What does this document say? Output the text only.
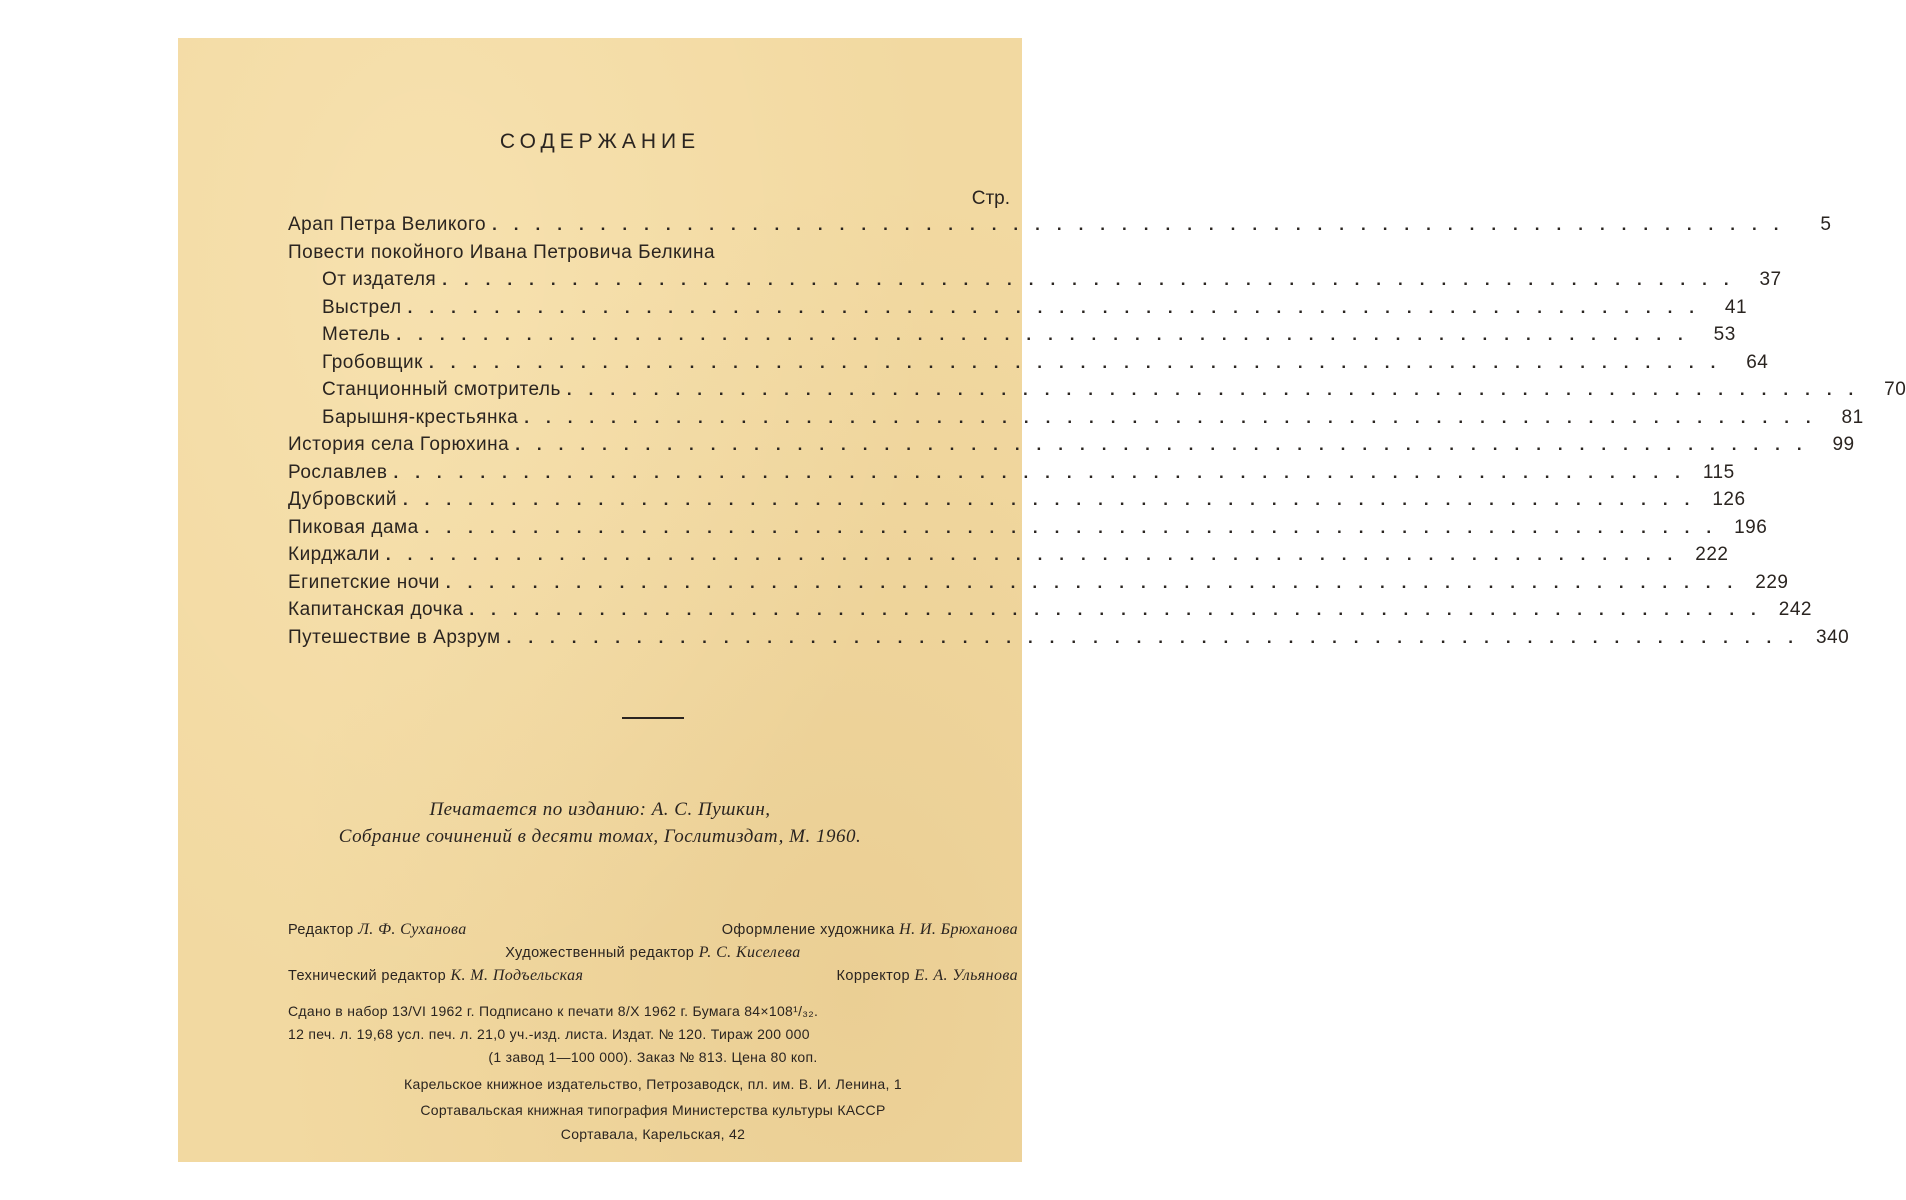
СОДЕРЖАНИЕ
Стр.
Арап Петра Великого ............................................................	5
Повести покойного Ивана Петровича Белкина
От издателя ............................................................ 37
Выстрел ............................................................ 41
Метель ............................................................ 53
Гробовщик ............................................................ 64
Станционный смотритель ............................................................ 70
Барышня-крестьянка ............................................................ 81
История села Горюхина ............................................................ 99
Рославлев ............................................................ 115
Дубровский ............................................................ 126
Пиковая дама ............................................................ 196
Кирджали ............................................................ 222
Египетские ночи ............................................................ 229
Капитанская дочка ............................................................ 242
Путешествие в Арзрум ............................................................ 340
Печатается по изданию: А. С. Пушкин,
Собрание сочинений в десяти томах, Гослитиздат, М. 1960.
Редактор Л. Ф. Суханова	Оформление художника Н. И. Брюханова
Художественный редактор Р. С. Киселева
Технический редактор К. М. Подъельская	Корректор Е. А. Ульянова
Сдано в набор 13/VI 1962 г. Подписано к печати 8/X 1962 г. Бумага 84×108¹/₃₂.
12 печ. л. 19,68 усл. печ. л. 21,0 уч.-изд. листа. Издат. № 120. Тираж 200 000
(1 завод 1—100 000). Заказ № 813. Цена 80 коп.
Карельское книжное издательство, Петрозаводск, пл. им. В. И. Ленина, 1
Сортавальская книжная типография Министерства культуры КАССР
Сортавала, Карельская, 42
